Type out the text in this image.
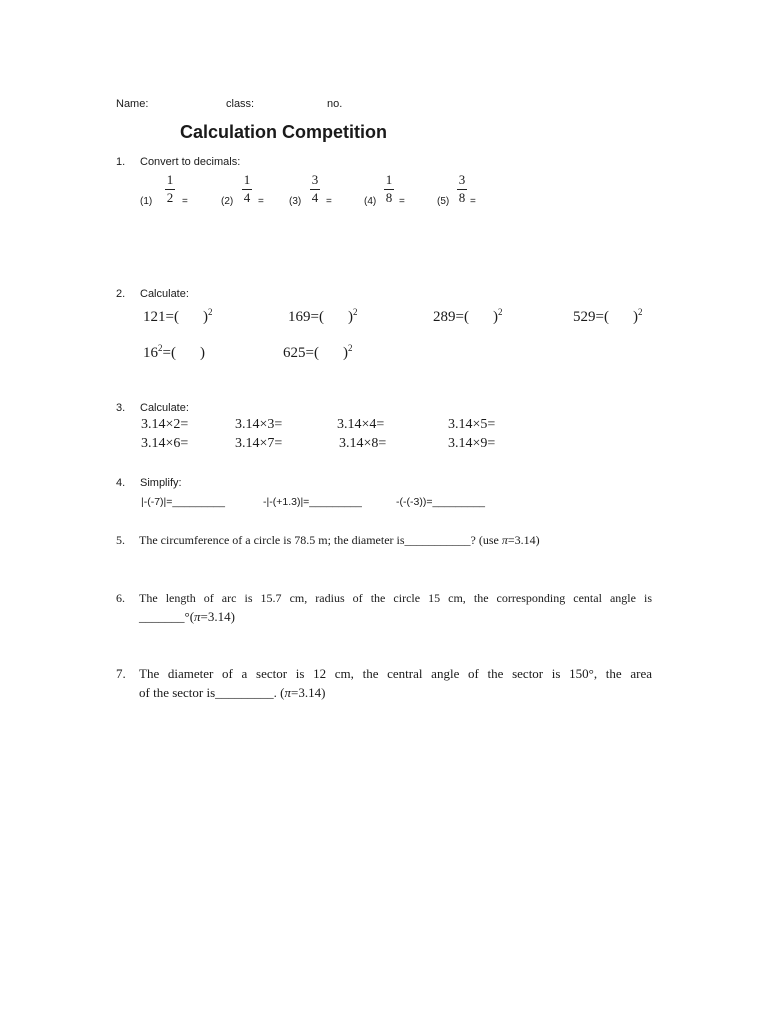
Name:	class:	no.
Calculation Competition
1. Convert to decimals:
(1)
1
2 =	(2)
1
4 =	(3)
3
4 =	(4)
1
8 =	(5)
3
8 =
2. Calculate:
121=( )$^2$	169=( )$^2$	289=( )$^2$	529=( )$^2$
$16^2=$( )	625=( )$^2$
3. Calculate:
3.14×2=	3.14×3=	3.14×4=	3.14×5=
3.14×6=	3.14×7=	3.14×8=	3.14×9=
4. Simplify:
|-(-7)|=_________	-|-(+1.3)|=_________	-(-(-3))=_________
5. The circumference of a circle is 78.5 m; the diameter is___________? (use π=3.14)
6. The length of arc is 15.7 cm, radius of the circle 15 cm, the corresponding cental angle is
_______°(π=3.14)
7. The diameter of a sector is 12 cm, the central angle of the sector is 150°, the area
of the sector is_________. (π=3.14)
